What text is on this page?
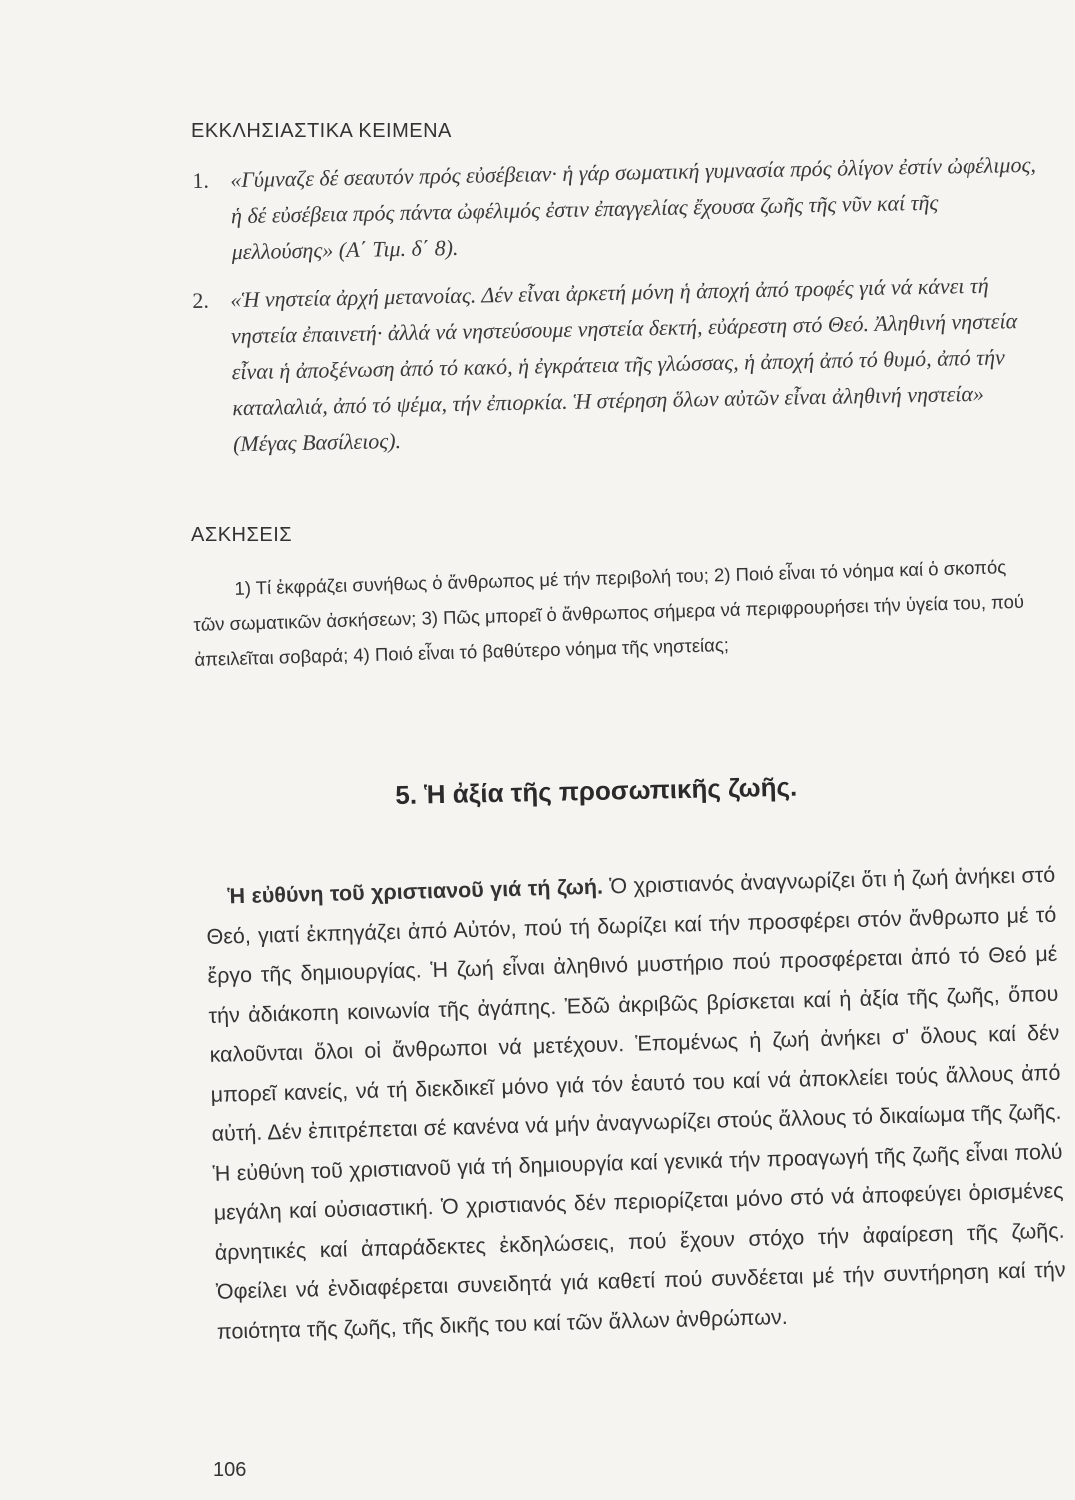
ΕΚΚΛΗΣΙΑΣΤΙΚΑ ΚΕΙΜΕΝΑ
1. «Γύμναζε δέ σεαυτόν πρός εὐσέβειαν· ἡ γάρ σωματική γυμνασία πρός ὀλίγον ἐστίν ὠφέλιμος, ἡ δέ εὐσέβεια πρός πάντα ὠφέλιμός ἐστιν ἐπαγγελίας ἔχουσα ζωῆς τῆς νῦν καί τῆς μελλούσης» (Α΄ Τιμ. δ΄ 8).

2. «Ἡ νηστεία ἀρχή μετανοίας. Δέν εἶναι ἀρκετή μόνη ἡ ἀποχή ἀπό τροφές γιά νά κάνει τή νηστεία ἐπαινετή· ἀλλά νά νηστεύσουμε νηστεία δεκτή, εὐάρεστη στό Θεό. Ἀληθινή νηστεία εἶναι ἡ ἀποξένωση ἀπό τό κακό, ἡ ἐγκράτεια τῆς γλώσσας, ἡ ἀποχή ἀπό τό θυμό, ἀπό τήν καταλαλιά, ἀπό τό ψέμα, τήν ἐπιορκία. Ἡ στέρηση ὅλων αὐτῶν εἶναι ἀληθινή νηστεία» (Μέγας Βασίλειος).

ΑΣΚΗΣΕΙΣ

1) Τί ἐκφράζει συνήθως ὁ ἄνθρωπος μέ τήν περιβολή του; 2) Ποιό εἶναι τό νόημα καί ὁ σκοπός τῶν σωματικῶν ἀσκήσεων; 3) Πῶς μπορεῖ ὁ ἄνθρωπος σήμερα νά περιφρουρήσει τήν ὑγεία του, πού ἀπειλεῖται σοβαρά; 4) Ποιό εἶναι τό βαθύτερο νόημα τῆς νηστείας;

5. Ἡ ἀξία τῆς προσωπικῆς ζωῆς.

Ἡ εὐθύνη τοῦ χριστιανοῦ γιά τή ζωή. Ὁ χριστιανός ἀναγνωρίζει ὅτι ἡ ζωή ἀνήκει στό Θεό, γιατί ἐκπηγάζει ἀπό Αὐτόν, πού τή δωρίζει καί τήν προσφέρει στόν ἄνθρωπο μέ τό ἔργο τῆς δημιουργίας. Ἡ ζωή εἶναι ἀληθινό μυστήριο πού προσφέρεται ἀπό τό Θεό μέ τήν ἀδιάκοπη κοινωνία τῆς ἀγάπης. Ἐδῶ ἀκριβῶς βρίσκεται καί ἡ ἀξία τῆς ζωῆς, ὅπου καλοῦνται ὅλοι οἱ ἄνθρωποι νά μετέχουν. Ἑπομένως ἡ ζωή ἀνήκει σ' ὅλους καί δέν μπορεῖ κανείς, νά τή διεκδικεῖ μόνο γιά τόν ἑαυτό του καί νά ἀποκλείει τούς ἄλλους ἀπό αὐτή. Δέν ἐπιτρέπεται σέ κανένα νά μήν ἀναγνωρίζει στούς ἄλλους τό δικαίωμα τῆς ζωῆς. Ἡ εὐθύνη τοῦ χριστιανοῦ γιά τή δημιουργία καί γενικά τήν προαγωγή τῆς ζωῆς εἶναι πολύ μεγάλη καί οὐσιαστική. Ὁ χριστιανός δέν περιορίζεται μόνο στό νά ἀποφεύγει ὁρισμένες ἀρνητικές καί ἀπαράδεκτες ἐκδηλώσεις, πού ἔχουν στόχο τήν ἀφαίρεση τῆς ζωῆς. Ὀφείλει νά ἐνδιαφέρεται συνειδητά γιά καθετί πού συνδέεται μέ τήν συντήρηση καί τήν ποιότητα τῆς ζωῆς, τῆς δικῆς του καί τῶν ἄλλων ἀνθρώπων.

106
